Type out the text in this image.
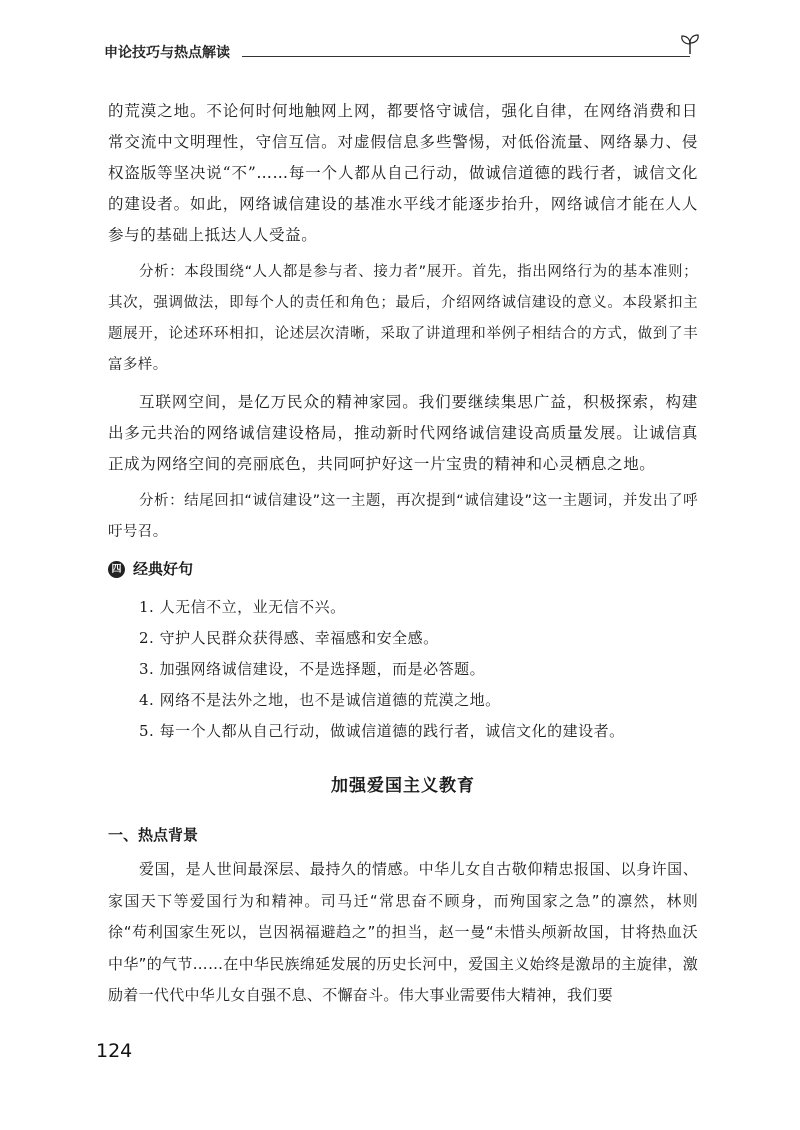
申论技巧与热点解读

的荒漠之地。不论何时何地触网上网，都要恪守诚信，强化自律，在网络消费和日常交流中文明理性，守信互信。对虚假信息多些警惕，对低俗流量、网络暴力、侵权盗版等坚决说“不”……每一个人都从自己行动，做诚信道德的践行者，诚信文化的建设者。如此，网络诚信建设的基准水平线才能逐步抬升，网络诚信才能在人人参与的基础上抵达人人受益。

分析：本段围绕“人人都是参与者、接力者”展开。首先，指出网络行为的基本准则；其次，强调做法，即每个人的责任和角色；最后，介绍网络诚信建设的意义。本段紧扣主题展开，论述环环相扣，论述层次清晰，采取了讲道理和举例子相结合的方式，做到了丰富多样。

互联网空间，是亿万民众的精神家园。我们要继续集思广益，积极探索，构建出多元共治的网络诚信建设格局，推动新时代网络诚信建设高质量发展。让诚信真正成为网络空间的亮丽底色，共同呵护好这一片宝贵的精神和心灵栖息之地。

分析：结尾回扣“诚信建设”这一主题，再次提到“诚信建设”这一主题词，并发出了呼吁号召。

四 经典好句
1. 人无信不立，业无信不兴。
2. 守护人民群众获得感、幸福感和安全感。
3. 加强网络诚信建设，不是选择题，而是必答题。
4. 网络不是法外之地，也不是诚信道德的荒漠之地。
5. 每一个人都从自己行动，做诚信道德的践行者，诚信文化的建设者。
加强爱国主义教育
一、热点背景

爱国，是人世间最深层、最持久的情感。中华儿女自古敬仰精忠报国、以身许国、家国天下等爱国行为和精神。司马迁“常思奋不顾身，而殉国家之急”的凛然，林则徐“苟利国家生死以，岂因祸福避趋之”的担当，赵一曼“未惜头颅新故国，甘将热血沃中华”的气节……在中华民族绵延发展的历史长河中，爱国主义始终是激昂的主旋律，激励着一代代中华儿女自强不息、不懈奋斗。伟大事业需要伟大精神，我们要

124
